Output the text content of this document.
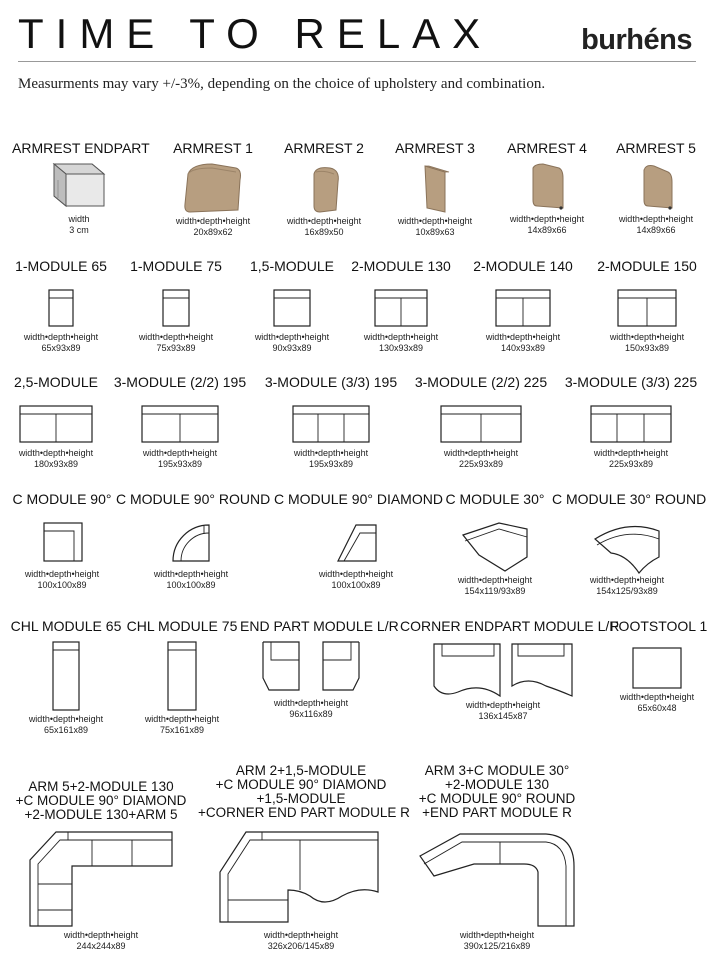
TIME TO RELAX	burhéns
Measurments may vary +/-3%, depending on the choice of upholstery and combination.
ARMREST ENDPART
width
3 cm
ARMREST 1
width•depth•height
20x89x62
ARMREST 2
width•depth•height
16x89x50
ARMREST 3
width•depth•height
10x89x63
ARMREST 4
width•depth•height
14x89x66
ARMREST 5
width•depth•height
14x89x66
1-MODULE 65
width•depth•height
65x93x89
1-MODULE 75
width•depth•height
75x93x89
1,5-MODULE
width•depth•height
90x93x89
2-MODULE 130
width•depth•height
130x93x89
2-MODULE 140
width•depth•height
140x93x89
2-MODULE 150
width•depth•height
150x93x89
2,5-MODULE
width•depth•height
180x93x89
3-MODULE (2/2) 195
width•depth•height
195x93x89
3-MODULE (3/3) 195
width•depth•height
195x93x89
3-MODULE (2/2) 225
width•depth•height
225x93x89
3-MODULE (3/3) 225
width•depth•height
225x93x89
C MODULE 90°
width•depth•height
100x100x89
C MODULE 90° ROUND
width•depth•height
100x100x89
C MODULE 90° DIAMOND
width•depth•height
100x100x89
C MODULE 30°
width•depth•height
154x119/93x89
C MODULE 30° ROUND
width•depth•height
154x125/93x89
CHL MODULE 65
width•depth•height
65x161x89
CHL MODULE 75
width•depth•height
75x161x89
END PART MODULE L/R
width•depth•height
96x116x89
CORNER ENDPART MODULE L/R
width•depth•height
136x145x87
FOOTSTOOL 1
width•depth•height
65x60x48
ARM 5+2-MODULE 130
+C MODULE 90° DIAMOND
+2-MODULE 130+ARM 5
width•depth•height
244x244x89
ARM 2+1,5-MODULE
+C MODULE 90° DIAMOND
+1,5-MODULE
+CORNER END PART MODULE R
width•depth•height
326x206/145x89
ARM 3+C MODULE 30°
+2-MODULE 130
+C MODULE 90° ROUND
+END PART MODULE R
width•depth•height
390x125/216x89
